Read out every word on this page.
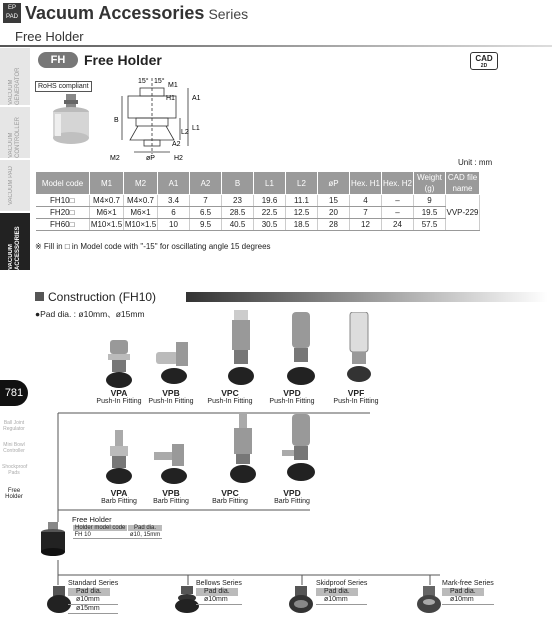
EP PAD Vacuum Accessories Series
Free Holder
VACUUM GENERATOR
VACUUM CONTROLLER
VACUUM PAD
VACUUM ACCESSORIES
781
Ball Joint Regulator
Mini Bowl Controller
Shockproof Pads
Free Holder
FH	Free Holder	CAD
2D
RoHS compliant
15° 15°
M1
H1 A1
B
L1
L2
A2
øP
M2	H2	Unit : mm
Model code	M1	M2	A1	A2	B	L1	L2	øP	Hex. H1	Hex. H2	Weight (g)	CAD file name
FH10□	M4×0.7	M4×0.7	3.4	7	23	19.6	11.1	15	4	–	9	VVP-229
FH20□	M6×1	M6×1	6	6.5	28.5	22.5	12.5	20	7	–	19.5	
FH60□	M10×1.5	M10×1.5	10	9.5	40.5	30.5	18.5	28	12	24	57.5	
※ Fill in □ in Model code with "-15" for oscillating angle 15 degrees
Construction (FH10)
●Pad dia. : ø10mm、ø15mm
VPA
Push-In Fitting
VPB
Push-In Fitting
VPC
Push-In Fitting
VPD
Push-In Fitting
VPF
Push-In Fitting
VPA
Barb Fitting
VPB
Barb Fitting
VPC
Barb Fitting
VPD
Barb Fitting
Free Holder
Holder model code	Pad dia.
FH 10	ø10, 15mm
Standard Series
Pad dia.
ø10mm
ø15mm
Bellows Series
Pad dia.
ø10mm
Skidproof Series
Pad dia.
ø10mm
Mark-free Series
Pad dia.
ø10mm
